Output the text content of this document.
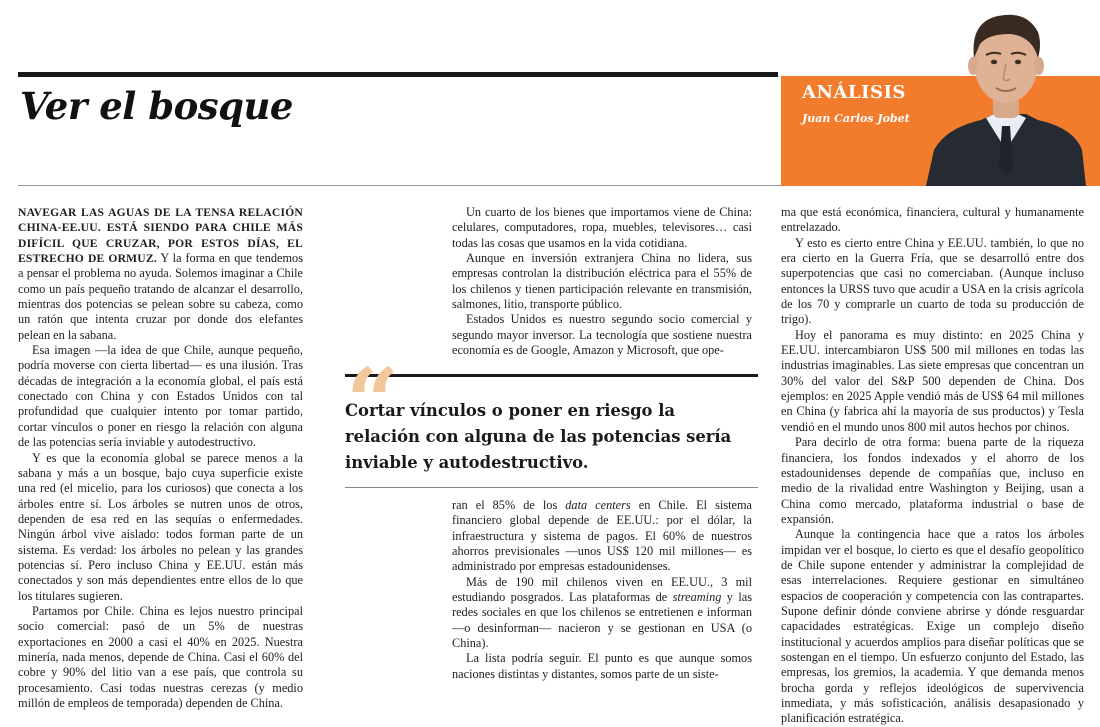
Ver el bosque	ANÁLISIS
Juan Carlos Jobet

NAVEGAR LAS AGUAS DE LA TENSA RELACIÓN CHINA-EE.UU. ESTÁ SIENDO PARA CHILE MÁS DIFÍCIL QUE CRUZAR, POR ESTOS DÍAS, EL ESTRECHO DE ORMUZ. Y la forma en que tendemos a pensar el problema no ayuda. Solemos imaginar a Chile como un país pequeño tratando de alcanzar el desarrollo, mientras dos potencias se pelean sobre su cabeza, como un ratón que intenta cruzar por donde dos elefantes pelean en la sabana.

Esa imagen —la idea de que Chile, aunque pequeño, podría moverse con cierta libertad— es una ilusión. Tras décadas de integración a la economía global, el país está conectado con China y con Estados Unidos con tal profundidad que cualquier intento por tomar partido, cortar vínculos o poner en riesgo la relación con alguna de las potencias sería inviable y autodestructivo.

Y es que la economía global se parece menos a la sabana y más a un bosque, bajo cuya superficie existe una red (el micelio, para los curiosos) que conecta a los árboles entre sí. Los árboles se nutren unos de otros, dependen de esa red en las sequías o enfermedades. Ningún árbol vive aislado: todos forman parte de un sistema. Es verdad: los árboles no pelean y las grandes potencias sí. Pero incluso China y EE.UU. están más conectados y son más dependientes entre ellos de lo que los titulares sugieren.

Partamos por Chile. China es lejos nuestro principal socio comercial: pasó de un 5% de nuestras exportaciones en 2000 a casi el 40% en 2025. Nuestra minería, nada menos, depende de China. Casi el 60% del cobre y 90% del litio van a ese país, que controla su procesamiento. Casi todas nuestras cerezas (y medio millón de empleos de temporada) dependen de China.

Un cuarto de los bienes que importamos viene de China: celulares, computadores, ropa, muebles, televisores… casi todas las cosas que usamos en la vida cotidiana.

Aunque en inversión extranjera China no lidera, sus empresas controlan la distribución eléctrica para el 55% de los chilenos y tienen participación relevante en transmisión, salmones, litio, transporte público.

Estados Unidos es nuestro segundo socio comercial y segundo mayor inversor. La tecnología que sostiene nuestra economía es de Google, Amazon y Microsoft, que ope-

“

Cortar vínculos o poner en riesgo la relación con alguna de las potencias sería inviable y autodestructivo.

ran el 85% de los data centers en Chile. El sistema financiero global depende de EE.UU.: por el dólar, la infraestructura y sistema de pagos. El 60% de nuestros ahorros previsionales —unos US$ 120 mil millones— es administrado por empresas estadounidenses.

Más de 190 mil chilenos viven en EE.UU., 3 mil estudiando posgrados. Las plataformas de streaming y las redes sociales en que los chilenos se entretienen e informan —o desinforman— nacieron y se gestionan en USA (o China).

La lista podría seguir. El punto es que aunque somos naciones distintas y distantes, somos parte de un siste-

ma que está económica, financiera, cultural y humanamente entrelazado.

Y esto es cierto entre China y EE.UU. también, lo que no era cierto en la Guerra Fría, que se desarrolló entre dos superpotencias que casi no comerciaban. (Aunque incluso entonces la URSS tuvo que acudir a USA en la crisis agrícola de los 70 y comprarle un cuarto de toda su producción de trigo).

Hoy el panorama es muy distinto: en 2025 China y EE.UU. intercambiaron US$ 500 mil millones en todas las industrias imaginables. Las siete empresas que concentran un 30% del valor del S&P 500 dependen de China. Dos ejemplos: en 2025 Apple vendió más de US$ 64 mil millones en China (y fabrica ahí la mayoría de sus productos) y Tesla vendió en el mundo unos 800 mil autos hechos por chinos.

Para decirlo de otra forma: buena parte de la riqueza financiera, los fondos indexados y el ahorro de los estadounidenses depende de compañías que, incluso en medio de la rivalidad entre Washington y Beijing, usan a China como mercado, plataforma industrial o base de expansión.

Aunque la contingencia hace que a ratos los árboles impidan ver el bosque, lo cierto es que el desafío geopolítico de Chile supone entender y administrar la complejidad de esas interrelaciones. Requiere gestionar en simultáneo espacios de cooperación y competencia con las contrapartes. Supone definir dónde conviene abrirse y dónde resguardar capacidades estratégicas. Exige un complejo diseño institucional y acuerdos amplios para diseñar políticas que se sostengan en el tiempo. Un esfuerzo conjunto del Estado, las empresas, los gremios, la academia. Y que demanda menos brocha gorda y reflejos ideológicos de supervivencia inmediata, y más sofisticación, análisis desapasionado y planificación estratégica.
